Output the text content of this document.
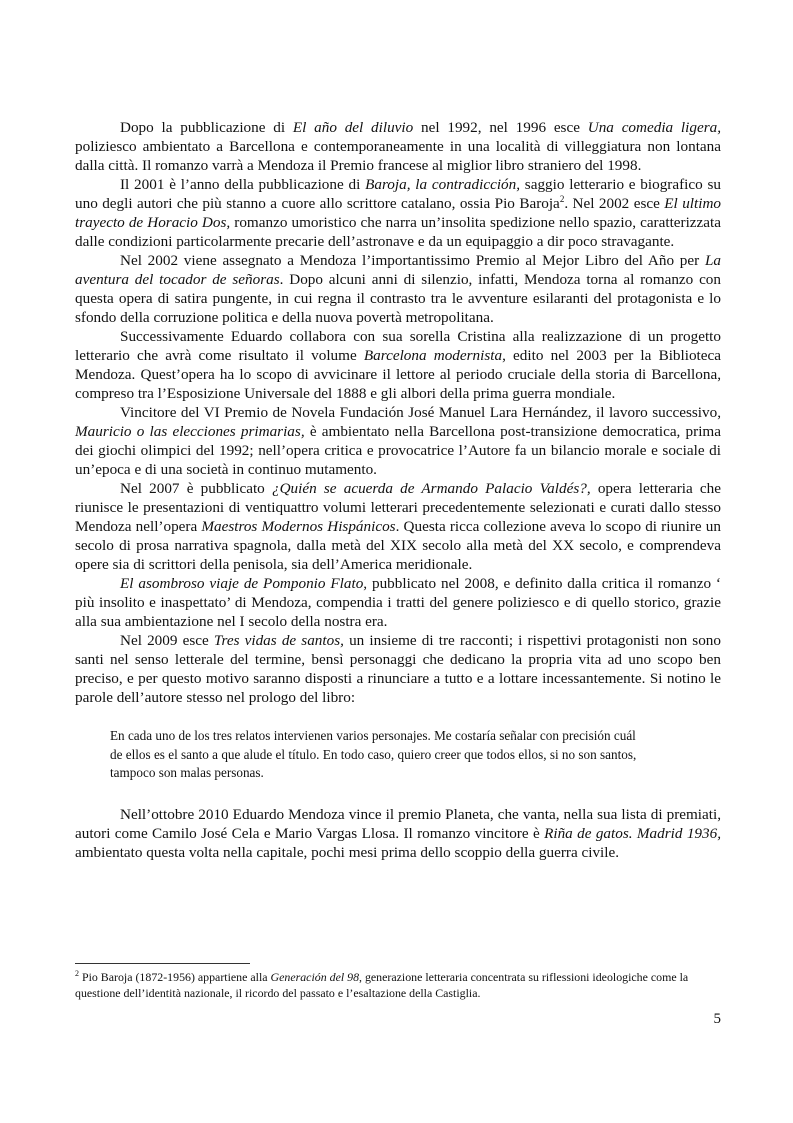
Dopo la pubblicazione di El año del diluvio nel 1992, nel 1996 esce Una comedia ligera, poliziesco ambientato a Barcellona e contemporaneamente in una località di villeggiatura non lontana dalla città. Il romanzo varrà a Mendoza il Premio francese al miglior libro straniero del 1998.

Il 2001 è l’anno della pubblicazione di Baroja, la contradicción, saggio letterario e biografico su uno degli autori che più stanno a cuore allo scrittore catalano, ossia Pio Baroja$^2$. Nel 2002 esce El ultimo trayecto de Horacio Dos, romanzo umoristico che narra un’insolita spedizione nello spazio, caratterizzata dalle condizioni particolarmente precarie dell’astronave e da un equipaggio a dir poco stravagante.

Nel 2002 viene assegnato a Mendoza l’importantissimo Premio al Mejor Libro del Año per La aventura del tocador de señoras. Dopo alcuni anni di silenzio, infatti, Mendoza torna al romanzo con questa opera di satira pungente, in cui regna il contrasto tra le avventure esilaranti del protagonista e lo sfondo della corruzione politica e della nuova povertà metropolitana.

Successivamente Eduardo collabora con sua sorella Cristina alla realizzazione di un progetto letterario che avrà come risultato il volume Barcelona modernista, edito nel 2003 per la Biblioteca Mendoza. Quest’opera ha lo scopo di avvicinare il lettore al periodo cruciale della storia di Barcellona, compreso tra l’Esposizione Universale del 1888 e gli albori della prima guerra mondiale.

Vincitore del VI Premio de Novela Fundación José Manuel Lara Hernández, il lavoro successivo, Mauricio o las elecciones primarias, è ambientato nella Barcellona post-transizione democratica, prima dei giochi olimpici del 1992; nell’opera critica e provocatrice l’Autore fa un bilancio morale e sociale di un’epoca e di una società in continuo mutamento.

Nel 2007 è pubblicato ¿Quién se acuerda de Armando Palacio Valdés?, opera letteraria che riunisce le presentazioni di ventiquattro volumi letterari precedentemente selezionati e curati dallo stesso Mendoza nell’opera Maestros Modernos Hispánicos. Questa ricca collezione aveva lo scopo di riunire un secolo di prosa narrativa spagnola, dalla metà del XIX secolo alla metà del XX secolo, e comprendeva opere sia di scrittori della penisola, sia dell’America meridionale.

El asombroso viaje de Pomponio Flato, pubblicato nel 2008, e definito dalla critica il romanzo ‘ più insolito e inaspettato’ di Mendoza, compendia i tratti del genere poliziesco e di quello storico, grazie alla sua ambientazione nel I secolo della nostra era.

Nel 2009 esce Tres vidas de santos, un insieme di tre racconti; i rispettivi protagonisti non sono santi nel senso letterale del termine, bensì personaggi che dedicano la propria vita ad uno scopo ben preciso, e per questo motivo saranno disposti a rinunciare a tutto e a lottare incessantemente. Si notino le parole dell’autore stesso nel prologo del libro:

En cada uno de los tres relatos intervienen varios personajes. Me costaría señalar con precisión cuál
de ellos es el santo a que alude el título. En todo caso, quiero creer que todos ellos, si no son santos,
tampoco son malas personas.

Nell’ottobre 2010 Eduardo Mendoza vince il premio Planeta, che vanta, nella sua lista di premiati, autori come Camilo José Cela e Mario Vargas Llosa. Il romanzo vincitore è Riña de gatos. Madrid 1936, ambientato questa volta nella capitale, pochi mesi prima dello scoppio della guerra civile.

$^2$ Pio Baroja (1872-1956) appartiene alla Generación del 98, generazione letteraria concentrata su riflessioni ideologiche come la questione dell’identità nazionale, il ricordo del passato e l’esaltazione della Castiglia.
5
